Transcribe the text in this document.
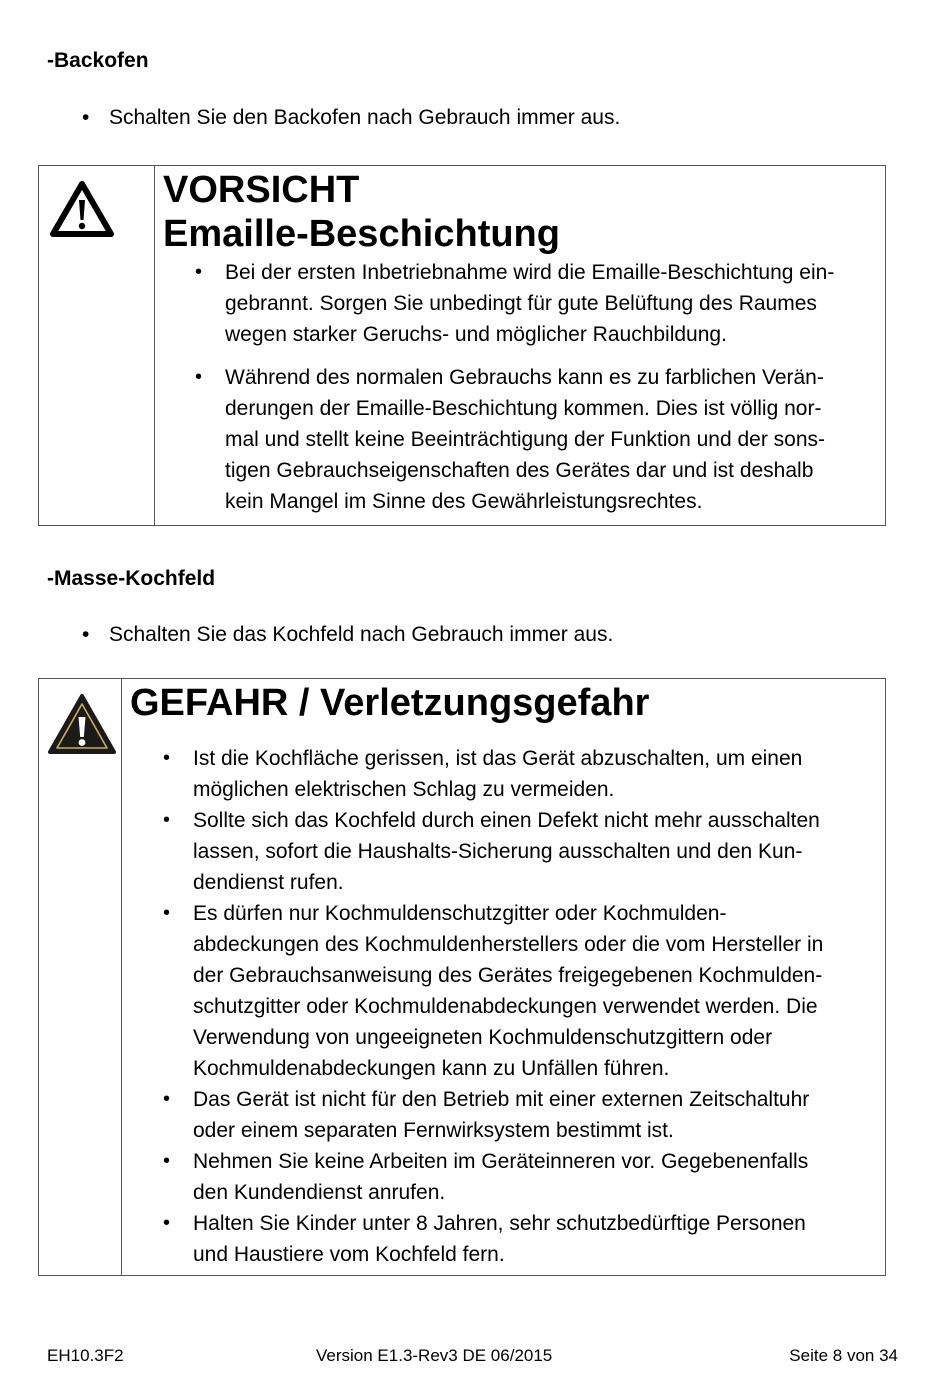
-Backofen
• Schalten Sie den Backofen nach Gebrauch immer aus.
VORSICHT
Emaille-Beschichtung
• Bei der ersten Inbetriebnahme wird die Emaille-Beschichtung ein-
gebrannt. Sorgen Sie unbedingt für gute Belüftung des Raumes
wegen starker Geruchs- und möglicher Rauchbildung.
• Während des normalen Gebrauchs kann es zu farblichen Verän-
derungen der Emaille-Beschichtung kommen. Dies ist völlig nor-
mal und stellt keine Beeinträchtigung der Funktion und der sons-
tigen Gebrauchseigenschaften des Gerätes dar und ist deshalb
kein Mangel im Sinne des Gewährleistungsrechtes.
-Masse-Kochfeld
• Schalten Sie das Kochfeld nach Gebrauch immer aus.
GEFAHR / Verletzungsgefahr
• Ist die Kochfläche gerissen, ist das Gerät abzuschalten, um einen
möglichen elektrischen Schlag zu vermeiden.
• Sollte sich das Kochfeld durch einen Defekt nicht mehr ausschalten
lassen, sofort die Haushalts-Sicherung ausschalten und den Kun-
dendienst rufen.
• Es dürfen nur Kochmuldenschutzgitter oder Kochmulden-
abdeckungen des Kochmuldenherstellers oder die vom Hersteller in
der Gebrauchsanweisung des Gerätes freigegebenen Kochmulden-
schutzgitter oder Kochmuldenabdeckungen verwendet werden. Die
Verwendung von ungeeigneten Kochmuldenschutzgittern oder
Kochmuldenabdeckungen kann zu Unfällen führen.
• Das Gerät ist nicht für den Betrieb mit einer externen Zeitschaltuhr
oder einem separaten Fernwirksystem bestimmt ist.
• Nehmen Sie keine Arbeiten im Geräteinneren vor. Gegebenenfalls
den Kundendienst anrufen.
• Halten Sie Kinder unter 8 Jahren, sehr schutzbedürftige Personen
und Haustiere vom Kochfeld fern.
EH10.3F2	Version E1.3-Rev3 DE 06/2015	Seite 8 von 34
